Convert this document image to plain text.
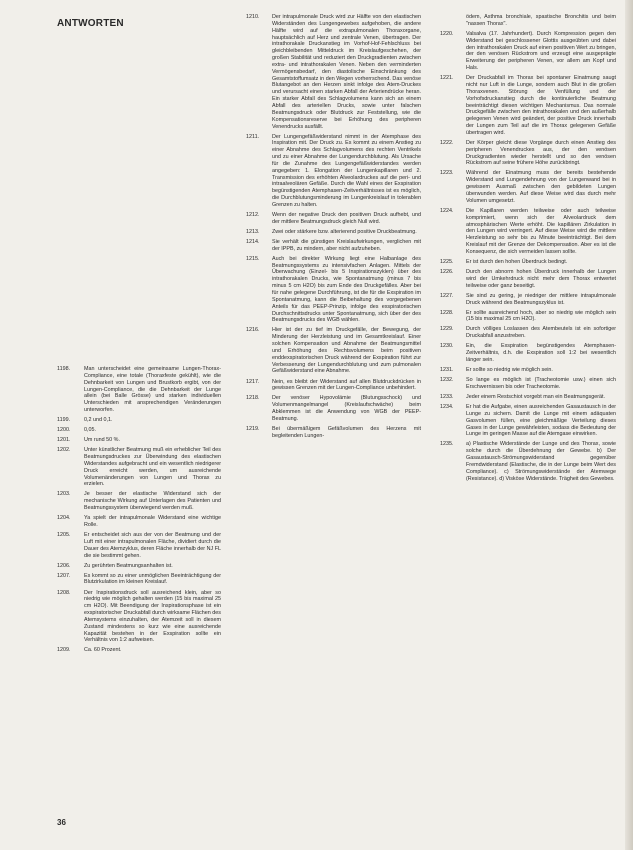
ANTWORTEN
1198.	Man unterscheidet eine gemeinsame Lungen-Thorax-Compliance, eine totale (Thoraxfeste gekühlt), wie die Dehnbarkeit von Lungen und Brustkorb ergibt, von der Lungen-Compliance, die die Dehnbarkeit der Lunge allein (bei Balle Grösse) und starken individuellen Unterschieden mit ansprechendigen Veränderungen unterworfen.
1199.	0,2 und 0,1.
1200.	0,05.
1201.	Um rund 50 %.
1202.	Unter künstlicher Beatmung muß ein erheblicher Teil des Beatmungsdruckes zur Überwindung des elastischen Widerstandes aufgebracht und ein wesentlich niedrigerer Druck erreicht werden, um ausreichende Volumenänderungen von Lungen und Thorax zu erzielen.
1203.	Je besser der elastische Widerstand sich der mechanische Wirkung auf Unterlagen des Patienten und Beatmungssystem überwiegend werden muß.
1204.	Ya spielt der intrapulmonale Widerstand eine wichtige Rolle.
1205.	Er entscheidet sich aus der von der Beatmung und der Luft mit einer intrapulmonalen Fläche, dividiert durch die Dauer des Atemzyklus, deren Fläche innerhalb der NJ FL die sie bestimmt gehen.
1206.	Zu gerührten Beatmungsanhalten ist.
1207.	Es kommt so zu einer unmöglichen Beeinträchtigung der Blutzirkulation im kleinen Kreislauf.
1208.	Der Inspirationsdruck soll ausreichend klein, aber so niedrig wie möglich gehalten werden (15 bis maximal 25 cm H2O). Mit Beendigung der Inspirationsphase ist ein exspiratorischer Druckabfall durch wirksame Flächen des Atemsystems einzuhalten, der Atemzeit soll in diesem Zustand mindestens so kurz wie eine ausreichende Kapazität bestehen in der Exspiration sollte ein Verhältnis von 1:2 aufweisen.
1209.	Ca. 60 Prozent.
1210.	Der intrapulmonale Druck wird zur Hälfte von den elastischen Widerständen des Lungengewebes aufgehoben, die andere Hälfte wird auf die extrapulmonalen Thoraxorgane, hauptsächlich auf Herz und zentrale Venen, übertragen. Der intrathorakale Druckanstieg im Vorhof-Hof-Fehlschluss bei gleichbleibenden Mitteldruck im Kreislaufgeschehen, der großen Stabilität und reduziert den Druckgradienten zwischen extra- und intrathorakalen Venen. Neben den verminderten Vermögensbedarf, den diastolische Einschränkung des Gesamtstoffumsatz in den Wegen vorherrschend. Das venöse Blutangebot an den Herzen sinkt infolge des Atem-Druckes und verursacht einen starken Abfall der Arteriendrücke heran. Ein starker Abfall des Schlagvolumens kann sich an einem Abfall des arteriellen Drucks, sowie unter falschen Beatmungsdruck oder Blutdruck zur Feststellung, wie die Kompensationsreserve bei Erhöhung des peripheren Venendrucks ausfällt.
1211.	Der Lungengefäßwiderstand nimmt in der Atemphase des Inspiration mit. Der Druck zu. Es kommt zu einem Anstieg zu einer Abnahme des Schlagvolumens des rechten Ventrikels und zu einer Abnahme der Lungendurchblutung. Als Ursache für die Zunahme des Lungengefäßwiderstandes werden angegeben: 1. Elongation der Lungenkapillaren und 2. Transmission des erhöhten Alveolardruckes auf die peri- und intraalveolären Gefäße. Durch die Wahl eines der Exspiration begünstigenden Atemphasen-Zeitverhältnisses ist es möglich, die Durchblutungsminderung im Lungenkreislauf in tolerablen Grenzen zu halten.
1212.	Wenn der negative Druck den positiven Druck aufhebt, und der mittlere Beatmungsdruck gleich Null wird.
1213.	Zwei oder stärkere bzw. alterierend positive Druckbeatmung.
1214.	Sie verhält die günstigen Kreislaufwirkungen, verglichen mit der IPPB, zu mindern, aber nicht aufzuheben.
1215.	Auch bei direkter Wirkung liegt eine Halbanlage des Beatmungssystems zu intensivfachen Anlagen. Mittels der Überwachung (Einzel- bis 5 Inspirationszyklen) über des intrathorakalen Drucks, wie Spontanatmung (minus 7 bis minus 5 cm H2O) bis zum Ende des Druckgefälles. Aber bei für nahe gelegene Durchführung, ist die für die Exspiration im Spontanatmung, kann die Beibehaltung des vorgegebenen Anteils für das PEEP-Prinzip, infolge des exspiratorischen Durchschnittsdrucks unter Spontanatmung, sich über der des Beatmungsdrucks des WGB wählen.
1216.	Hier ist der zu tief im Druckgefälle, der Bewegung, der Minderung der Herzleistung und im Gesamtkreislauf. Einer solchen Kompensation und Abnahme der Beatmungsmittel und Erhöhung des Rechtsvolumens beim positiven enddexspiratorischen Druck während der Exspiration führt zur Verbesserung der Lungendurchblutung und zum pulmonalen Gefäßwiderstand eine Abnahme.
1217.	Nein, es bleibt der Widerstand auf allen Blutdruckdrücken in gewissen Grenzen mit der Lungen-Compliance unbehindert.
1218.	Der venöser Hypovolämie (Blutungsschock) und Volumenmangelmangel (Kreislaufschwäche) beim Abklemmen ist die Anwendung von WGB der PEEP-Beatmung.
1219.	Bei übermäßigem Gefäßvolumen des Herzens mit begleitenden Lungen-
ödem, Asthma bronchiale, spastische Bronchitis und beim "nassen Thorax".
1220.	Valsalva (17. Jahrhundert). Durch Kompression gegen den Widerstand bei geschlossener Glottis ausgeübten und dabei den intrathorakalen Druck auf einen positiven Wert zu bringen, der den venösen Rückstrom und erzeugt eine ausgeprägte Erweiterung der peripheren Venen, vor allem am Kopf und Hals.
1221.	Der Druckabfall im Thorax bei spontaner Einatmung saugt nicht nur Luft in die Lunge, sondern auch Blut in die großen Thoraxvenen. Störung der Venfüllung und der Vorhofsdruckanstieg durch die kontinuierliche Beatmung beeinträchtigt diesen wichtigen Mechanismus. Das normale Druckgefälle zwischen den intrathorakalen und den außerhalb gelegenen Venen wird geändert, der positive Druck innerhalb der Lungen zum Teil auf die im Thorax gelegenen Gefäße übertragen wird.
1222.	Der Körper gleicht diese Vorgänge durch einen Anstieg des peripheren Venendruckes aus, der den venösen Druckgradienten wieder herstellt und so den venösen Rückstrom auf seine frühere Höhe zurückbringt.
1223.	Während der Einatmung muss der bereits bestehende Widerstand und Lungendehnung von der Lungenwand bei in gewissem Ausmaß zwischen den gebildeten Lungen überwunden werden. Auf diese Weise wird das durch mehr Volumen umgesetzt.
1224.	Die Kapillaren werden teilweise oder auch teilweise komprimiert, wenn sich der Alveolardruck dem atmosphärischen Werte erhöht. Die kapillären Zirkulation in den Lungen wird verringert. Auf diese Weise wird die mittlere Herzleistung so sehr bis zu Minute beeinträchtigt. Bei dem Kreislauf mit der Grenze der Dekompensation. Aber es ist die Konsequenz, die sich vermeiden lassen sollte.
1225.	Er ist durch den hohen Überdruck bedingt.
1226.	Durch den abnorm hohen Überdruck innerhalb der Lungen wird der Umkehrdruck nicht mehr dem Thorax entwertet teilweise oder ganz beseitigt.
1227.	Sie sind zu gering, je niedriger der mittlere intrapulmonale Druck während des Beatmungszyklus ist.
1228.	Er sollte ausreichend hoch, aber so niedrig wie möglich sein (15 bis maximal 25 cm H2O).
1229.	Durch völliges Loslassen des Atembeutels ist ein sofortiger Druckabfall anzustreben.
1230.	Ein, die Exspiration begünstigendes Atemphasen-Zeitverhältnis, d.h. die Exspiration soll 1:2 bei wesentlich länger sein.
1231.	Er sollte so niedrig wie möglich sein.
1232.	So lange es möglich ist (Tracheotomie usw.) einen sich Erschwernissen bis oder Tracheotomie.
1233.	Jeder einem Restschiot vorgebt man ein Beatmungsgerät.
1234.	Er hat die Aufgabe, einen ausreichenden Gasaustausch in der Lunge zu sichern. Damit die Lunge mit einem adäquaten Gasvolumen füllen, eine gleichmäßige Verteilung dieses Gases in der Lunge gewährleisten, sodass die Bedeutung der Lunge im geringen Masse auf die Atemgase einwirken.
1235.	a) Plastische Widerstände der Lunge und des Thorax, sowie solche durch die Überdehnung der Gewebe. b) Der Gasaustausch-Strömungswiderstand gegenüber Fremdwiderstand (Elastische, die in der Lunge beim Wert des Compliance). c) Strömungswiderstände der Atemwege (Resistance). d) Visköse Widerstände. Trägheit des Gewebes.
36
